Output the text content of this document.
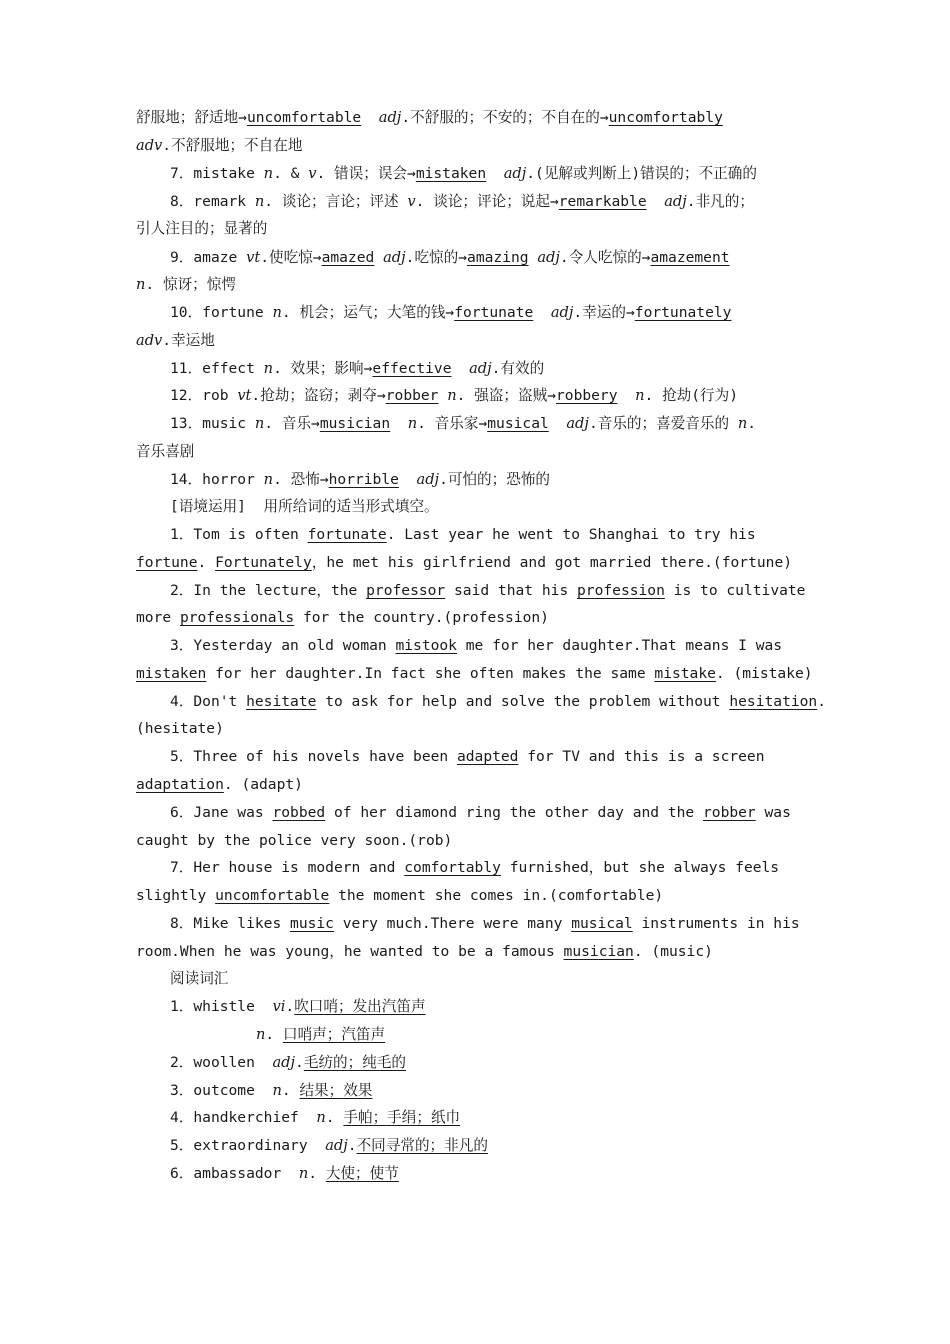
舒服地；舒适地→uncomfortable adj.不舒服的；不安的；不自在的→uncomfortably
adv.不舒服地；不自在地
7．mistake n. & v. 错误；误会→mistaken adj.(见解或判断上)错误的；不正确的
8．remark n. 谈论；言论；评述 v. 谈论；评论；说起→remarkable adj.非凡的；
引人注目的；显著的
9．amaze vt.使吃惊→amazed adj.吃惊的→amazing adj.令人吃惊的→amazement
n. 惊讶；惊愕
10．fortune n. 机会；运气；大笔的钱→fortunate adj.幸运的→fortunately
adv.幸运地
11．effect n. 效果；影响→effective adj.有效的
12．rob vt.抢劫；盗窃；剥夺→robber n. 强盗；盗贼→robbery n. 抢劫(行为)
13．music n. 音乐→musician n. 音乐家→musical adj.音乐的；喜爱音乐的 n.
音乐喜剧
14．horror n. 恐怖→horrible adj.可怕的；恐怖的
[语境运用]  用所给词的适当形式填空。
1．Tom is often fortunate. Last year he went to Shanghai to try his
fortune. Fortunately，he met his girlfriend and got married there.(fortune)
2．In the lecture，the professor said that his profession is to cultivate
more professionals for the country.(profession)
3．Yesterday an old woman mistook me for her daughter.That means I was
mistaken for her daughter.In fact she often makes the same mistake. (mistake)
4．Don't hesitate to ask for help and solve the problem without hesitation.
(hesitate)
5．Three of his novels have been adapted for TV and this is a screen
adaptation. (adapt)
6．Jane was robbed of her diamond ring the other day and the robber was
caught by the police very soon.(rob)
7．Her house is modern and comfortably furnished，but she always feels
slightly uncomfortable the moment she comes in.(comfortable)
8．Mike likes music very much.There were many musical instruments in his
room.When he was young，he wanted to be a famous musician. (music)
阅读词汇
1．whistle  vi.吹口哨；发出汽笛声
n. 口哨声；汽笛声
2．woollen  adj.毛纺的；纯毛的
3．outcome  n. 结果；效果
4．handkerchief  n. 手帕；手绢；纸巾
5．extraordinary  adj.不同寻常的；非凡的
6．ambassador  n. 大使；使节
